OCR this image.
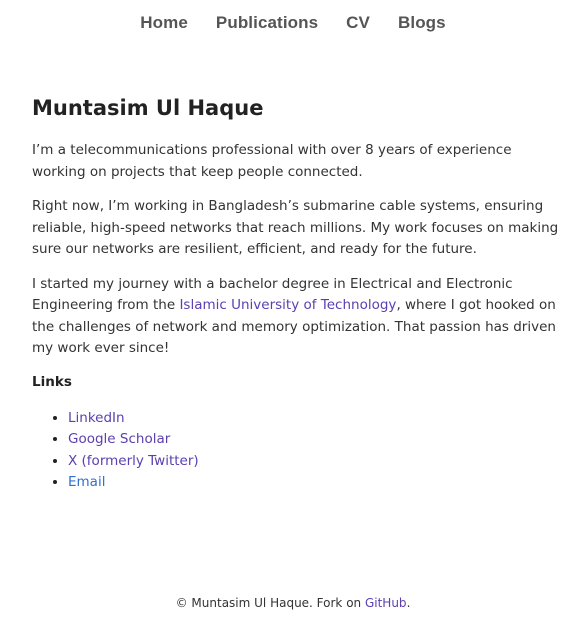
Home Publications CV Blogs
Muntasim Ul Haque

I’m a telecommunications professional with over 8 years of experience working on projects that keep people connected.

Right now, I’m working in Bangladesh’s submarine cable systems, ensuring reliable, high-speed networks that reach millions. My work focuses on making sure our networks are resilient, efficient, and ready for the future.

I started my journey with a bachelor degree in Electrical and Electronic Engineering from the Islamic University of Technology, where I got hooked on the challenges of network and memory optimization. That passion has driven my work ever since!

Links
• LinkedIn
• Google Scholar
• X (formerly Twitter)
• Email
© Muntasim Ul Haque. Fork on GitHub.
